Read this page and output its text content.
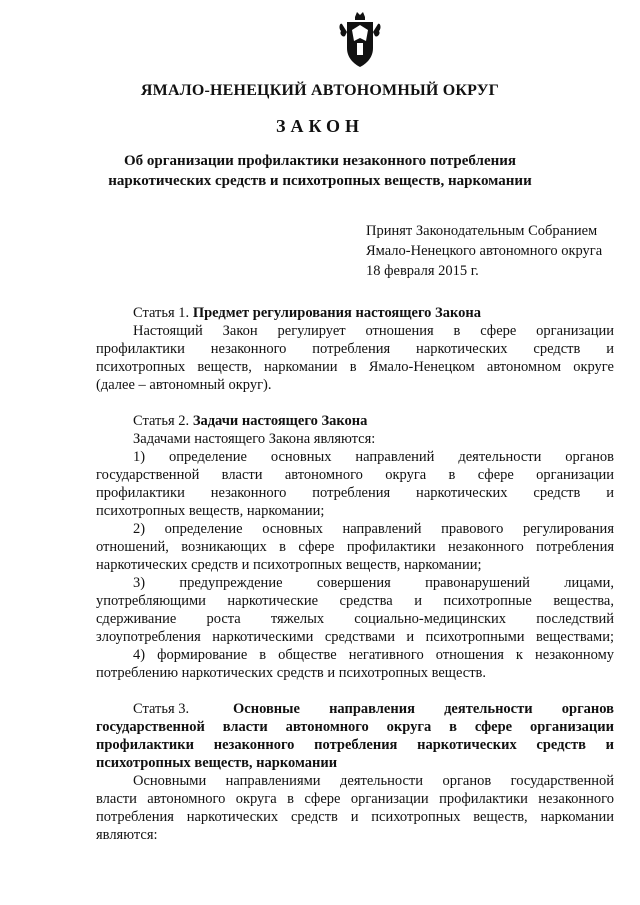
ЯМАЛО-НЕНЕЦКИЙ АВТОНОМНЫЙ ОКРУГ
ЗАКОН
Об организации профилактики незаконного потребления
наркотических средств и психотропных веществ, наркомании
Принят Законодательным Собранием
Ямало-Ненецкого автономного округа
18 февраля 2015 г.
Статья 1. Предмет регулирования настоящего Закона
Настоящий Закон регулирует отношения в сфере организации
профилактики незаконного потребления наркотических средств и
психотропных веществ, наркомании в Ямало-Ненецком автономном округе
(далее – автономный округ).
Статья 2. Задачи настоящего Закона
Задачами настоящего Закона являются:
1) определение основных направлений деятельности органов
государственной власти автономного округа в сфере организации
профилактики незаконного потребления наркотических средств и
психотропных веществ, наркомании;
2) определение основных направлений правового регулирования
отношений, возникающих в сфере профилактики незаконного потребления
наркотических средств и психотропных веществ, наркомании;
3) предупреждение совершения правонарушений лицами,
употребляющими наркотические средства и психотропные вещества,
сдерживание роста тяжелых социально-медицинских последствий
злоупотребления наркотическими средствами и психотропными веществами;
4) формирование в обществе негативного отношения к незаконному
потреблению наркотических средств и психотропных веществ.
Статья 3.	Основные направления деятельности органов
государственной власти автономного округа в сфере организации
профилактики незаконного потребления наркотических средств и
психотропных веществ, наркомании
Основными направлениями деятельности органов государственной
власти автономного округа в сфере организации профилактики незаконного
потребления наркотических средств и психотропных веществ, наркомании
являются:
